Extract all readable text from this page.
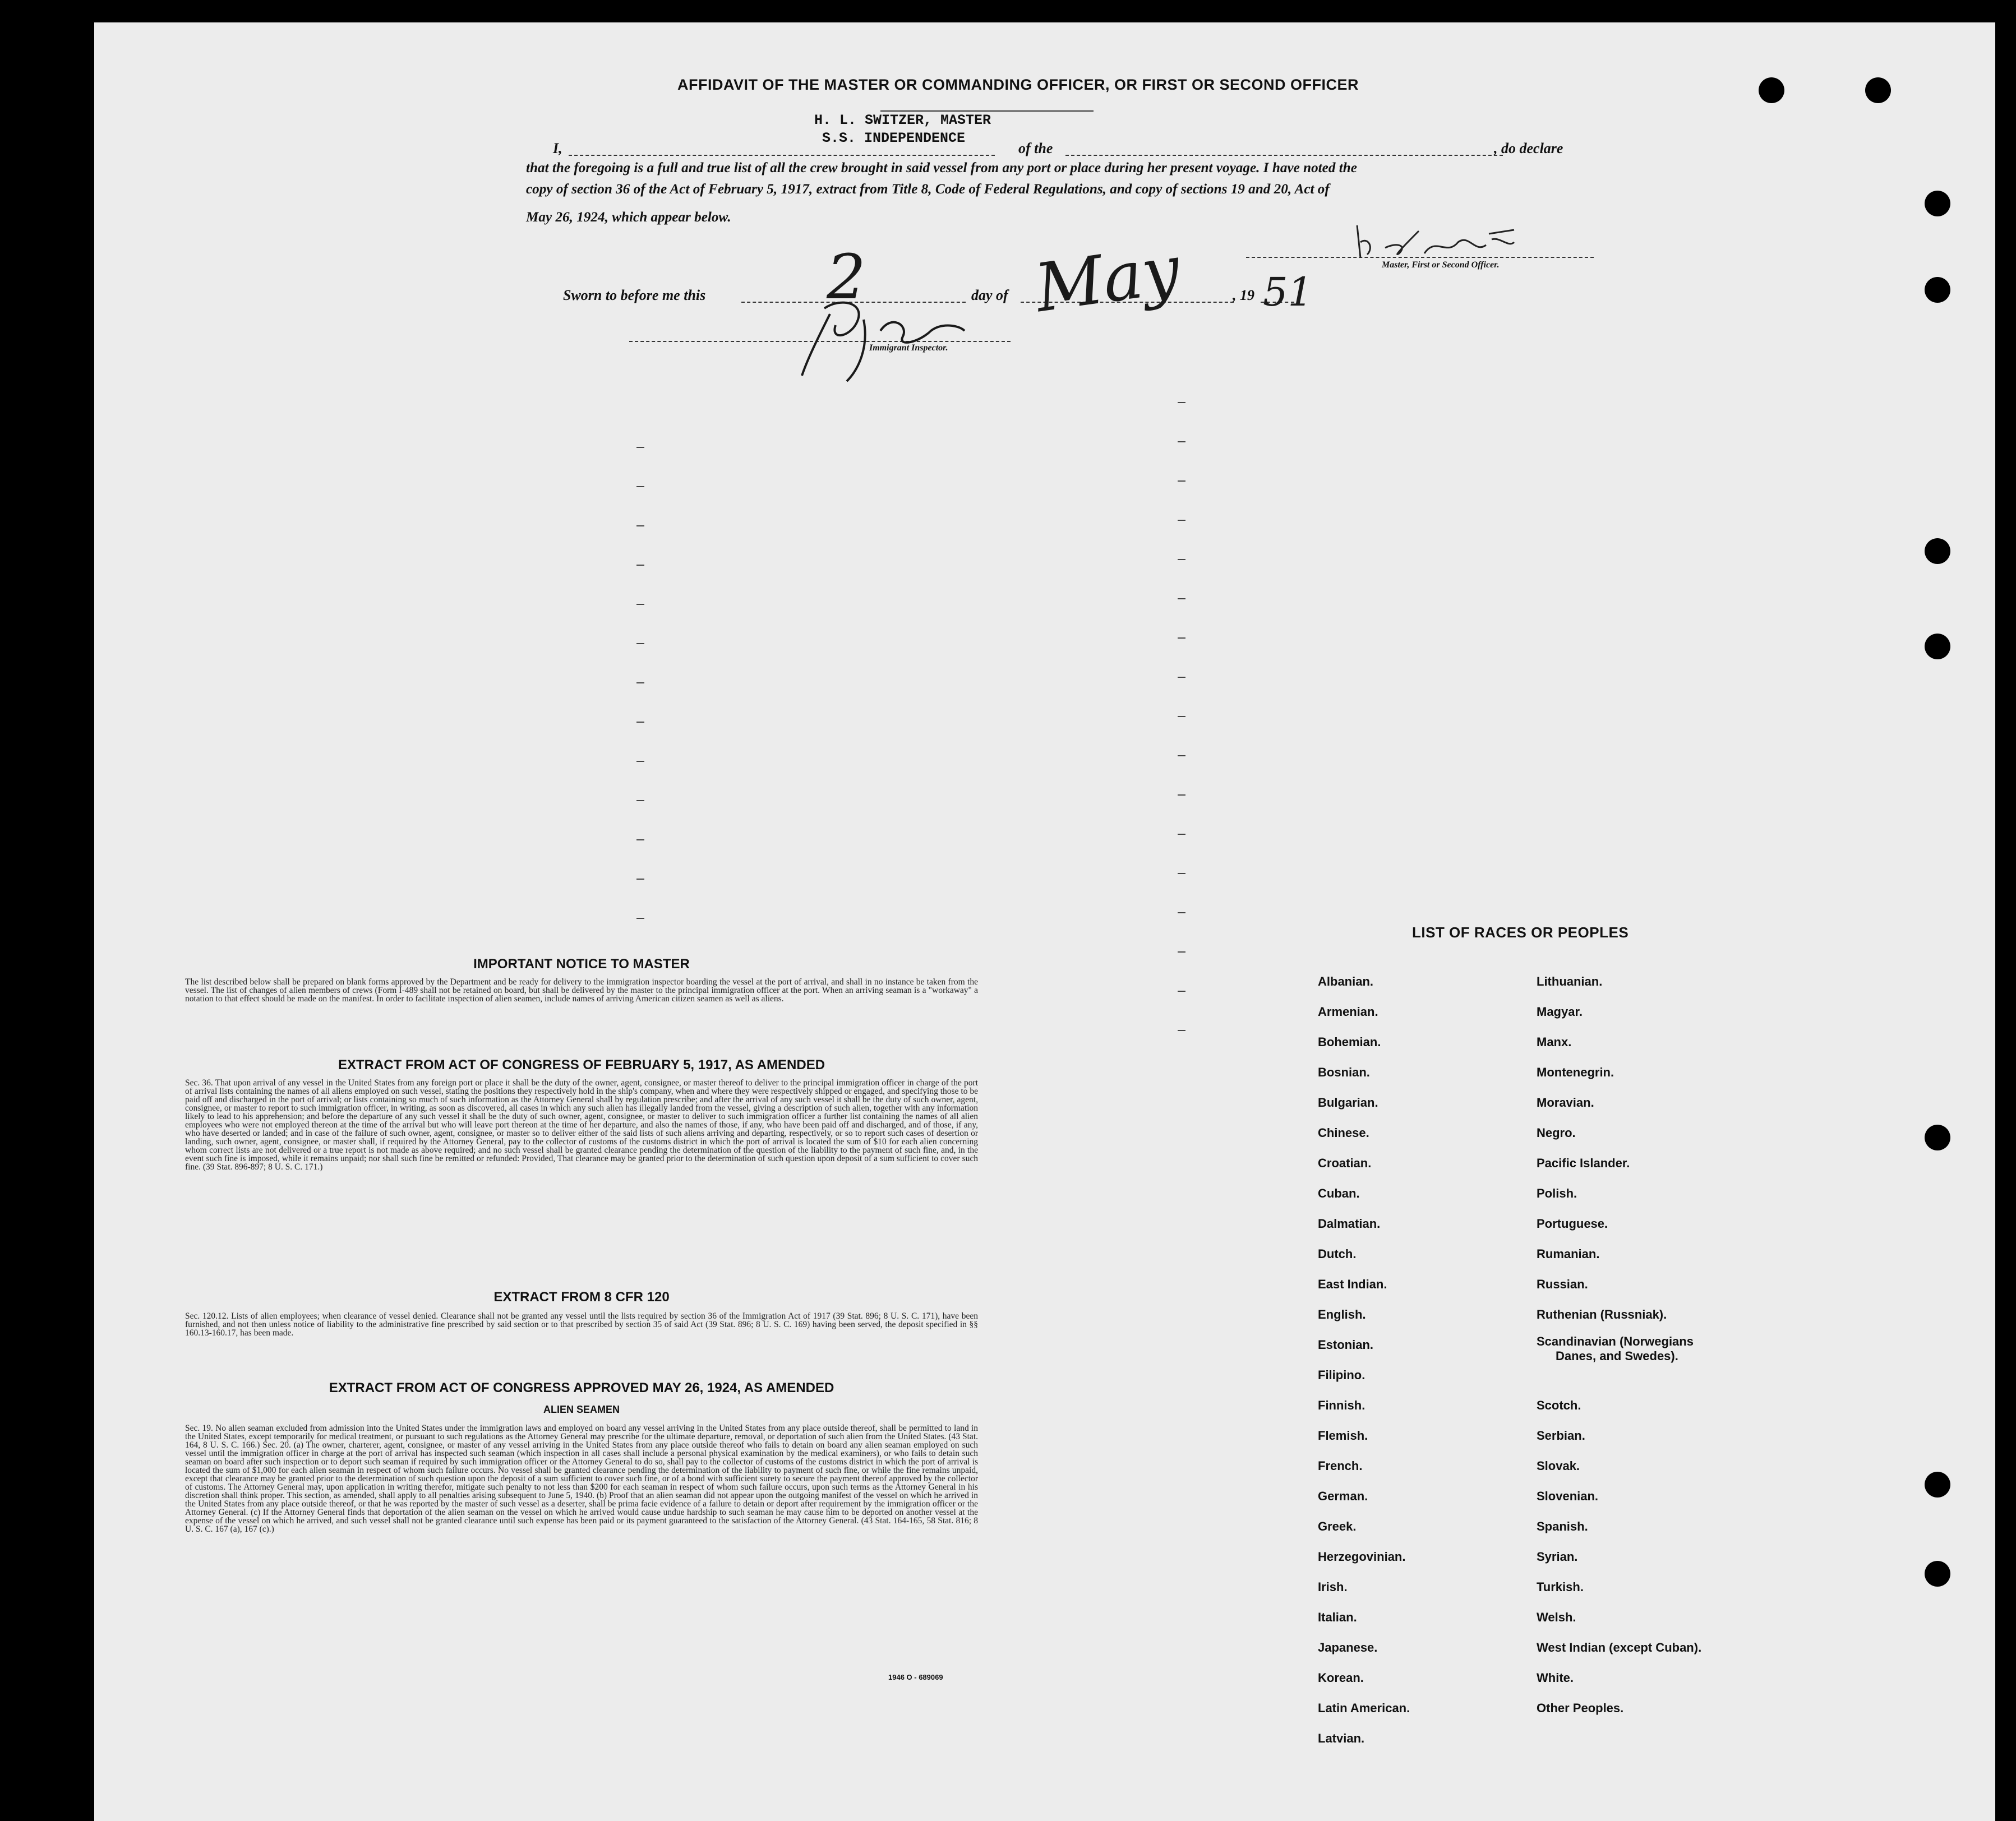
AFFIDAVIT OF THE MASTER OR COMMANDING OFFICER, OR FIRST OR SECOND OFFICER
H. L. SWITZER, MASTER
S.S. INDEPENDENCE
I,	of the	, do declare
that the foregoing is a full and true list of all the crew brought in said vessel from any port or place during her present voyage. I have noted the
copy of section 36 of the Act of February 5, 1917, extract from Title 8, Code of Federal Regulations, and copy of sections 19 and 20, Act of
May 26, 1924, which appear below.
Master, First or Second Officer.
Sworn to before me this	day of	, 19
2 May 51
Immigrant Inspector.
IMPORTANT NOTICE TO MASTER
The list described below shall be prepared on blank forms approved by the Department and be ready for delivery to the immigration inspector boarding the vessel at the port of arrival, and shall in no instance be taken from the vessel. The list of changes of alien members of crews (Form I-489 shall not be retained on board, but shall be delivered by the master to the principal immigration officer at the port. When an arriving seaman is a "workaway" a notation to that effect should be made on the manifest. In order to facilitate inspection of alien seamen, include names of arriving American citizen seamen as well as aliens.
EXTRACT FROM ACT OF CONGRESS OF FEBRUARY 5, 1917, AS AMENDED
Sec. 36. That upon arrival of any vessel in the United States from any foreign port or place it shall be the duty of the owner, agent, consignee, or master thereof to deliver to the principal immigration officer in charge of the port of arrival lists containing the names of all aliens employed on such vessel, stating the positions they respectively hold in the ship's company, when and where they were respectively shipped or engaged, and specifying those to be paid off and discharged in the port of arrival; or lists containing so much of such information as the Attorney General shall by regulation prescribe; and after the arrival of any such vessel it shall be the duty of such owner, agent, consignee, or master to report to such immigration officer, in writing, as soon as discovered, all cases in which any such alien has illegally landed from the vessel, giving a description of such alien, together with any information likely to lead to his apprehension; and before the departure of any such vessel it shall be the duty of such owner, agent, consignee, or master to deliver to such immigration officer a further list containing the names of all alien employees who were not employed thereon at the time of the arrival but who will leave port thereon at the time of her departure, and also the names of those, if any, who have been paid off and discharged, and of those, if any, who have deserted or landed; and in case of the failure of such owner, agent, consignee, or master so to deliver either of the said lists of such aliens arriving and departing, respectively, or so to report such cases of desertion or landing, such owner, agent, consignee, or master shall, if required by the Attorney General, pay to the collector of customs of the customs district in which the port of arrival is located the sum of $10 for each alien concerning whom correct lists are not delivered or a true report is not made as above required; and no such vessel shall be granted clearance pending the determination of the question of the liability to the payment of such fine, and, in the event such fine is imposed, while it remains unpaid; nor shall such fine be remitted or refunded: Provided, That clearance may be granted prior to the determination of such question upon deposit of a sum sufficient to cover such fine. (39 Stat. 896-897; 8 U. S. C. 171.)
EXTRACT FROM 8 CFR 120
Sec. 120.12. Lists of alien employees; when clearance of vessel denied. Clearance shall not be granted any vessel until the lists required by section 36 of the Immigration Act of 1917 (39 Stat. 896; 8 U. S. C. 171), have been furnished, and not then unless notice of liability to the administrative fine prescribed by said section or to that prescribed by section 35 of said Act (39 Stat. 896; 8 U. S. C. 169) having been served, the deposit specified in §§ 160.13-160.17, has been made.
EXTRACT FROM ACT OF CONGRESS APPROVED MAY 26, 1924, AS AMENDED
ALIEN SEAMEN
Sec. 19. No alien seaman excluded from admission into the United States under the immigration laws and employed on board any vessel arriving in the United States from any place outside thereof, shall be permitted to land in the United States, except temporarily for medical treatment, or pursuant to such regulations as the Attorney General may prescribe for the ultimate departure, removal, or deportation of such alien from the United States. (43 Stat. 164, 8 U. S. C. 166.) Sec. 20. (a) The owner, charterer, agent, consignee, or master of any vessel arriving in the United States from any place outside thereof who fails to detain on board any alien seaman employed on such vessel until the immigration officer in charge at the port of arrival has inspected such seaman (which inspection in all cases shall include a personal physical examination by the medical examiners), or who fails to detain such seaman on board after such inspection or to deport such seaman if required by such immigration officer or the Attorney General to do so, shall pay to the collector of customs of the customs district in which the port of arrival is located the sum of $1,000 for each alien seaman in respect of whom such failure occurs. No vessel shall be granted clearance pending the determination of the liability to payment of such fine, or while the fine remains unpaid, except that clearance may be granted prior to the determination of such question upon the deposit of a sum sufficient to cover such fine, or of a bond with sufficient surety to secure the payment thereof approved by the collector of customs. The Attorney General may, upon application in writing therefor, mitigate such penalty to not less than $200 for each seaman in respect of whom such failure occurs, upon such terms as the Attorney General in his discretion shall think proper. This section, as amended, shall apply to all penalties arising subsequent to June 5, 1940. (b) Proof that an alien seaman did not appear upon the outgoing manifest of the vessel on which he arrived in the United States from any place outside thereof, or that he was reported by the master of such vessel as a deserter, shall be prima facie evidence of a failure to detain or deport after requirement by the immigration officer or the Attorney General. (c) If the Attorney General finds that deportation of the alien seaman on the vessel on which he arrived would cause undue hardship to such seaman he may cause him to be deported on another vessel at the expense of the vessel on which he arrived, and such vessel shall not be granted clearance until such expense has been paid or its payment guaranteed to the satisfaction of the Attorney General. (43 Stat. 164-165, 58 Stat. 816; 8 U. S. C. 167 (a), 167 (c).)
1946 O - 689069
LIST OF RACES OR PEOPLES
Albanian.
Armenian.
Bohemian.
Bosnian.
Bulgarian.
Chinese.
Croatian.
Cuban.
Dalmatian.
Dutch.
East Indian.
English.
Estonian.
Filipino.
Finnish.
Flemish.
French.
German.
Greek.
Herzegovinian.
Irish.
Italian.
Japanese.
Korean.
Latin American.
Latvian.
Lithuanian.
Magyar.
Manx.
Montenegrin.
Moravian.
Negro.
Pacific Islander.
Polish.
Portuguese.
Rumanian.
Russian.
Ruthenian (Russniak).
Scandinavian (Norwegians
Danes, and Swedes).
Scotch.
Serbian.
Slovak.
Slovenian.
Spanish.
Syrian.
Turkish.
Welsh.
West Indian (except Cuban).
White.
Other Peoples.
